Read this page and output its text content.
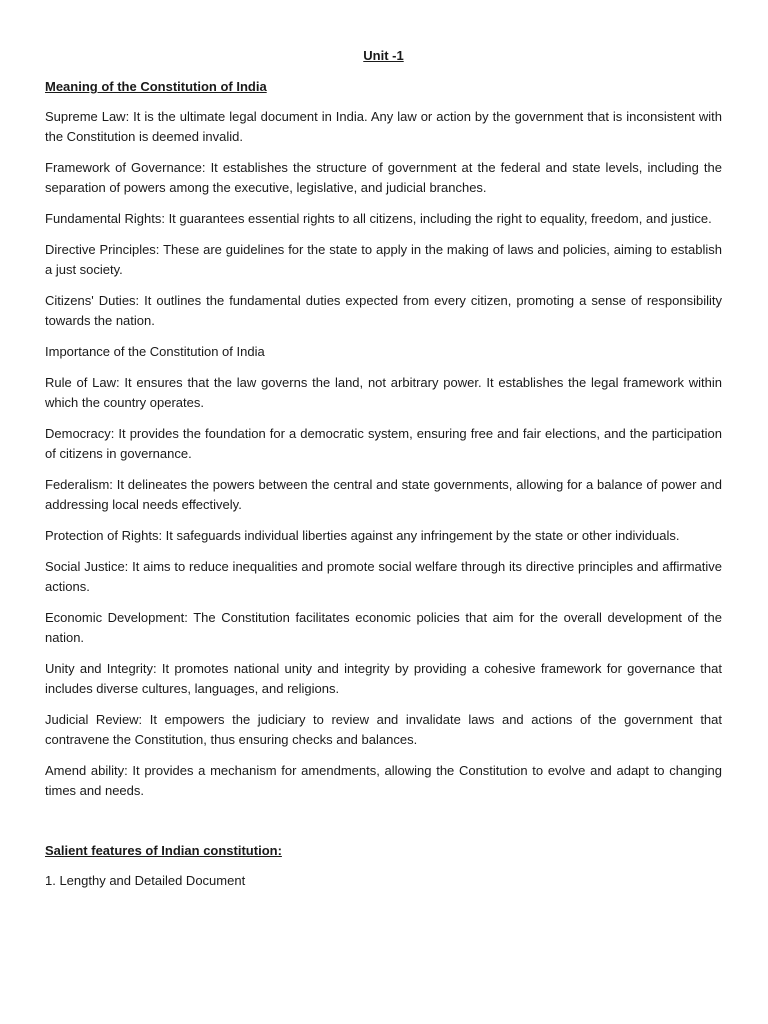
Unit -1
Meaning of the Constitution of India
Supreme Law: It is the ultimate legal document in India. Any law or action by the government that is inconsistent with the Constitution is deemed invalid.
Framework of Governance: It establishes the structure of government at the federal and state levels, including the separation of powers among the executive, legislative, and judicial branches.
Fundamental Rights: It guarantees essential rights to all citizens, including the right to equality, freedom, and justice.
Directive Principles: These are guidelines for the state to apply in the making of laws and policies, aiming to establish a just society.
Citizens' Duties: It outlines the fundamental duties expected from every citizen, promoting a sense of responsibility towards the nation.
Importance of the Constitution of India
Rule of Law: It ensures that the law governs the land, not arbitrary power. It establishes the legal framework within which the country operates.
Democracy: It provides the foundation for a democratic system, ensuring free and fair elections, and the participation of citizens in governance.
Federalism: It delineates the powers between the central and state governments, allowing for a balance of power and addressing local needs effectively.
Protection of Rights: It safeguards individual liberties against any infringement by the state or other individuals.
Social Justice: It aims to reduce inequalities and promote social welfare through its directive principles and affirmative actions.
Economic Development: The Constitution facilitates economic policies that aim for the overall development of the nation.
Unity and Integrity: It promotes national unity and integrity by providing a cohesive framework for governance that includes diverse cultures, languages, and religions.
Judicial Review: It empowers the judiciary to review and invalidate laws and actions of the government that contravene the Constitution, thus ensuring checks and balances.
Amend ability: It provides a mechanism for amendments, allowing the Constitution to evolve and adapt to changing times and needs.
Salient features of Indian constitution:
1. Lengthy and Detailed Document
